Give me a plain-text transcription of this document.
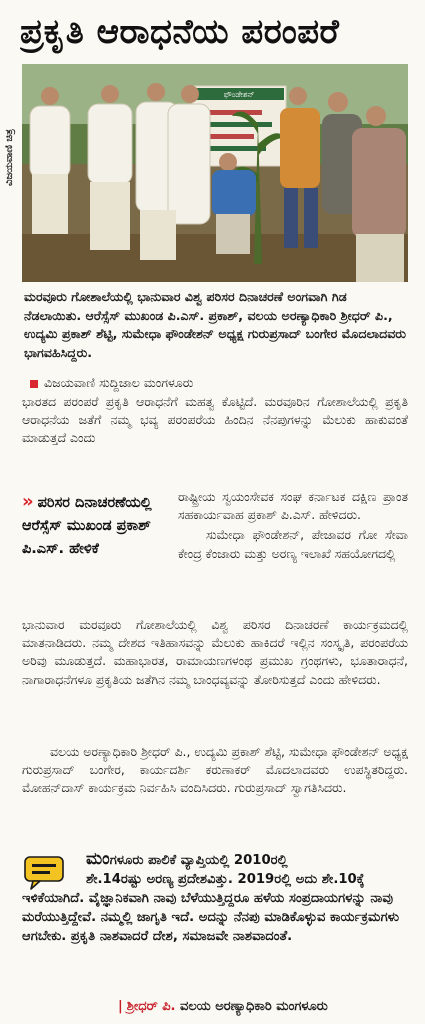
ಪ್ರಕೃತಿ ಆರಾಧನೆಯ ಪರಂಪರೆ
ವಿಜಯವಾಣಿ ಚಿತ್ರ
ಫೌಂಡೇಶನ್

ಮರವೂರು ಗೋಶಾಲೆಯಲ್ಲಿ ಭಾನುವಾರ ವಿಶ್ವ ಪರಿಸರ ದಿನಾಚರಣೆ ಅಂಗವಾಗಿ ಗಿಡ ನೆಡಲಾಯಿತು. ಆರೆಸ್ಸೆಸ್ ಮುಖಂಡ ಪಿ.ಎಸ್. ಪ್ರಕಾಶ್, ವಲಯ ಅರಣ್ಯಾಧಿಕಾರಿ ಶ್ರೀಧರ್ ಪಿ., ಉದ್ಯಮಿ ಪ್ರಕಾಶ್ ಶೆಟ್ಟಿ, ಸುಮೇಧಾ ಫೌಂಡೇಶನ್ ಅಧ್ಯಕ್ಷ ಗುರುಪ್ರಸಾದ್ ಬಂಗೇರ ಮೊದಲಾದವರು ಭಾಗವಹಿಸಿದ್ದರು.

ವಿಜಯವಾಣಿ ಸುದ್ದಿಜಾಲ ಮಂಗಳೂರು

ಭಾರತದ ಪರಂಪರೆ ಪ್ರಕೃತಿ ಆರಾಧನೆಗೆ ಮಹತ್ವ ಕೊಟ್ಟಿದೆ. ಮರವೂರಿನ ಗೋಶಾಲೆಯಲ್ಲಿ ಪ್ರಕೃತಿ ಆರಾಧನೆಯ ಜತೆಗೆ ನಮ್ಮ ಭವ್ಯ ಪರಂಪರೆಯ ಹಿಂದಿನ ನೆನಪುಗಳನ್ನು ಮೆಲುಕು ಹಾಕುವಂತೆ ಮಾಡುತ್ತದೆ ಎಂದು

» ಪರಿಸರ ದಿನಾಚರಣೆಯಲ್ಲಿ ಆರೆಸ್ಸೆಸ್ ಮುಖಂಡ ಪ್ರಕಾಶ್ ಪಿ.ಎಸ್. ಹೇಳಿಕೆ

ರಾಷ್ಟ್ರೀಯ ಸ್ವಯಂಸೇವಕ ಸಂಘ ಕರ್ನಾಟಕ ದಕ್ಷಿಣ ಪ್ರಾಂತ ಸಹಕಾರ್ಯವಾಹ ಪ್ರಕಾಶ್ ಪಿ.ಎಸ್. ಹೇಳಿದರು.

ಸುಮೇಧಾ ಫೌಂಡೇಶನ್, ಪೇಜಾವರ ಗೋ ಸೇವಾ ಕೇಂದ್ರ ಕೆಂಜಾರು ಮತ್ತು ಅರಣ್ಯ ಇಲಾಖೆ ಸಹಯೋಗದಲ್ಲಿ

ಭಾನುವಾರ ಮರವೂರು ಗೋಶಾಲೆಯಲ್ಲಿ ವಿಶ್ವ ಪರಿಸರ ದಿನಾಚರಣೆ ಕಾರ್ಯಕ್ರಮದಲ್ಲಿ ಮಾತನಾಡಿದರು. ನಮ್ಮ ದೇಶದ ಇತಿಹಾಸವನ್ನು ಮೆಲುಕು ಹಾಕಿದರೆ ಇಲ್ಲಿನ ಸಂಸ್ಕೃತಿ, ಪರಂಪರೆಯ ಅರಿವು ಮೂಡುತ್ತದೆ. ಮಹಾಭಾರತ, ರಾಮಾಯಣಗಳಂಥ ಪ್ರಮುಖ ಗ್ರಂಥಗಳು, ಭೂತಾರಾಧನೆ, ನಾಗಾರಾಧನೆಗಳೂ ಪ್ರಕೃತಿಯ ಜತೆಗಿನ ನಮ್ಮ ಬಾಂಧವ್ಯವನ್ನು ತೋರಿಸುತ್ತದೆ ಎಂದು ಹೇಳಿದರು.

ವಲಯ ಅರಣ್ಯಾಧಿಕಾರಿ ಶ್ರೀಧರ್ ಪಿ., ಉದ್ಯಮಿ ಪ್ರಕಾಶ್ ಶೆಟ್ಟಿ, ಸುಮೇಧಾ ಫೌಂಡೇಶನ್ ಅಧ್ಯಕ್ಷ ಗುರುಪ್ರಸಾದ್ ಬಂಗೇರ, ಕಾರ್ಯದರ್ಶಿ ಕರುಣಾಕರ್ ಮೊದಲಾದವರು ಉಪಸ್ಥಿತರಿದ್ದರು. ಮೋಹನ್‌ದಾಸ್ ಕಾರ್ಯಕ್ರಮ ನಿರ್ವಹಿಸಿ ವಂದಿಸಿದರು. ಗುರುಪ್ರಸಾದ್ ಸ್ವಾಗತಿಸಿದರು.

ಮಂಗಳೂರು ಪಾಲಿಕೆ ವ್ಯಾಪ್ತಿಯಲ್ಲಿ 2010ರಲ್ಲಿ
ಶೇ.14ರಷ್ಟು ಅರಣ್ಯ ಪ್ರದೇಶವಿತ್ತು. 2019ರಲ್ಲಿ ಅದು ಶೇ.10ಕ್ಕೆ

ಇಳಿಕೆಯಾಗಿದೆ. ವೈಜ್ಞಾನಿಕವಾಗಿ ನಾವು ಬೆಳೆಯುತ್ತಿದ್ದರೂ ಹಳೆಯ ಸಂಪ್ರದಾಯಗಳನ್ನು ನಾವು ಮರೆಯುತ್ತಿದ್ದೇವೆ. ನಮ್ಮಲ್ಲಿ ಜಾಗೃತಿ ಇದೆ. ಅದನ್ನು ನೆನಪು ಮಾಡಿಕೊಳ್ಳುವ ಕಾರ್ಯಕ್ರಮಗಳು ಆಗಬೇಕು. ಪ್ರಕೃತಿ ನಾಶವಾದರೆ ದೇಶ, ಸಮಾಜವೇ ನಾಶವಾದಂತೆ.

| ಶ್ರೀಧರ್ ಪಿ. ವಲಯ ಅರಣ್ಯಾಧಿಕಾರಿ ಮಂಗಳೂರು
